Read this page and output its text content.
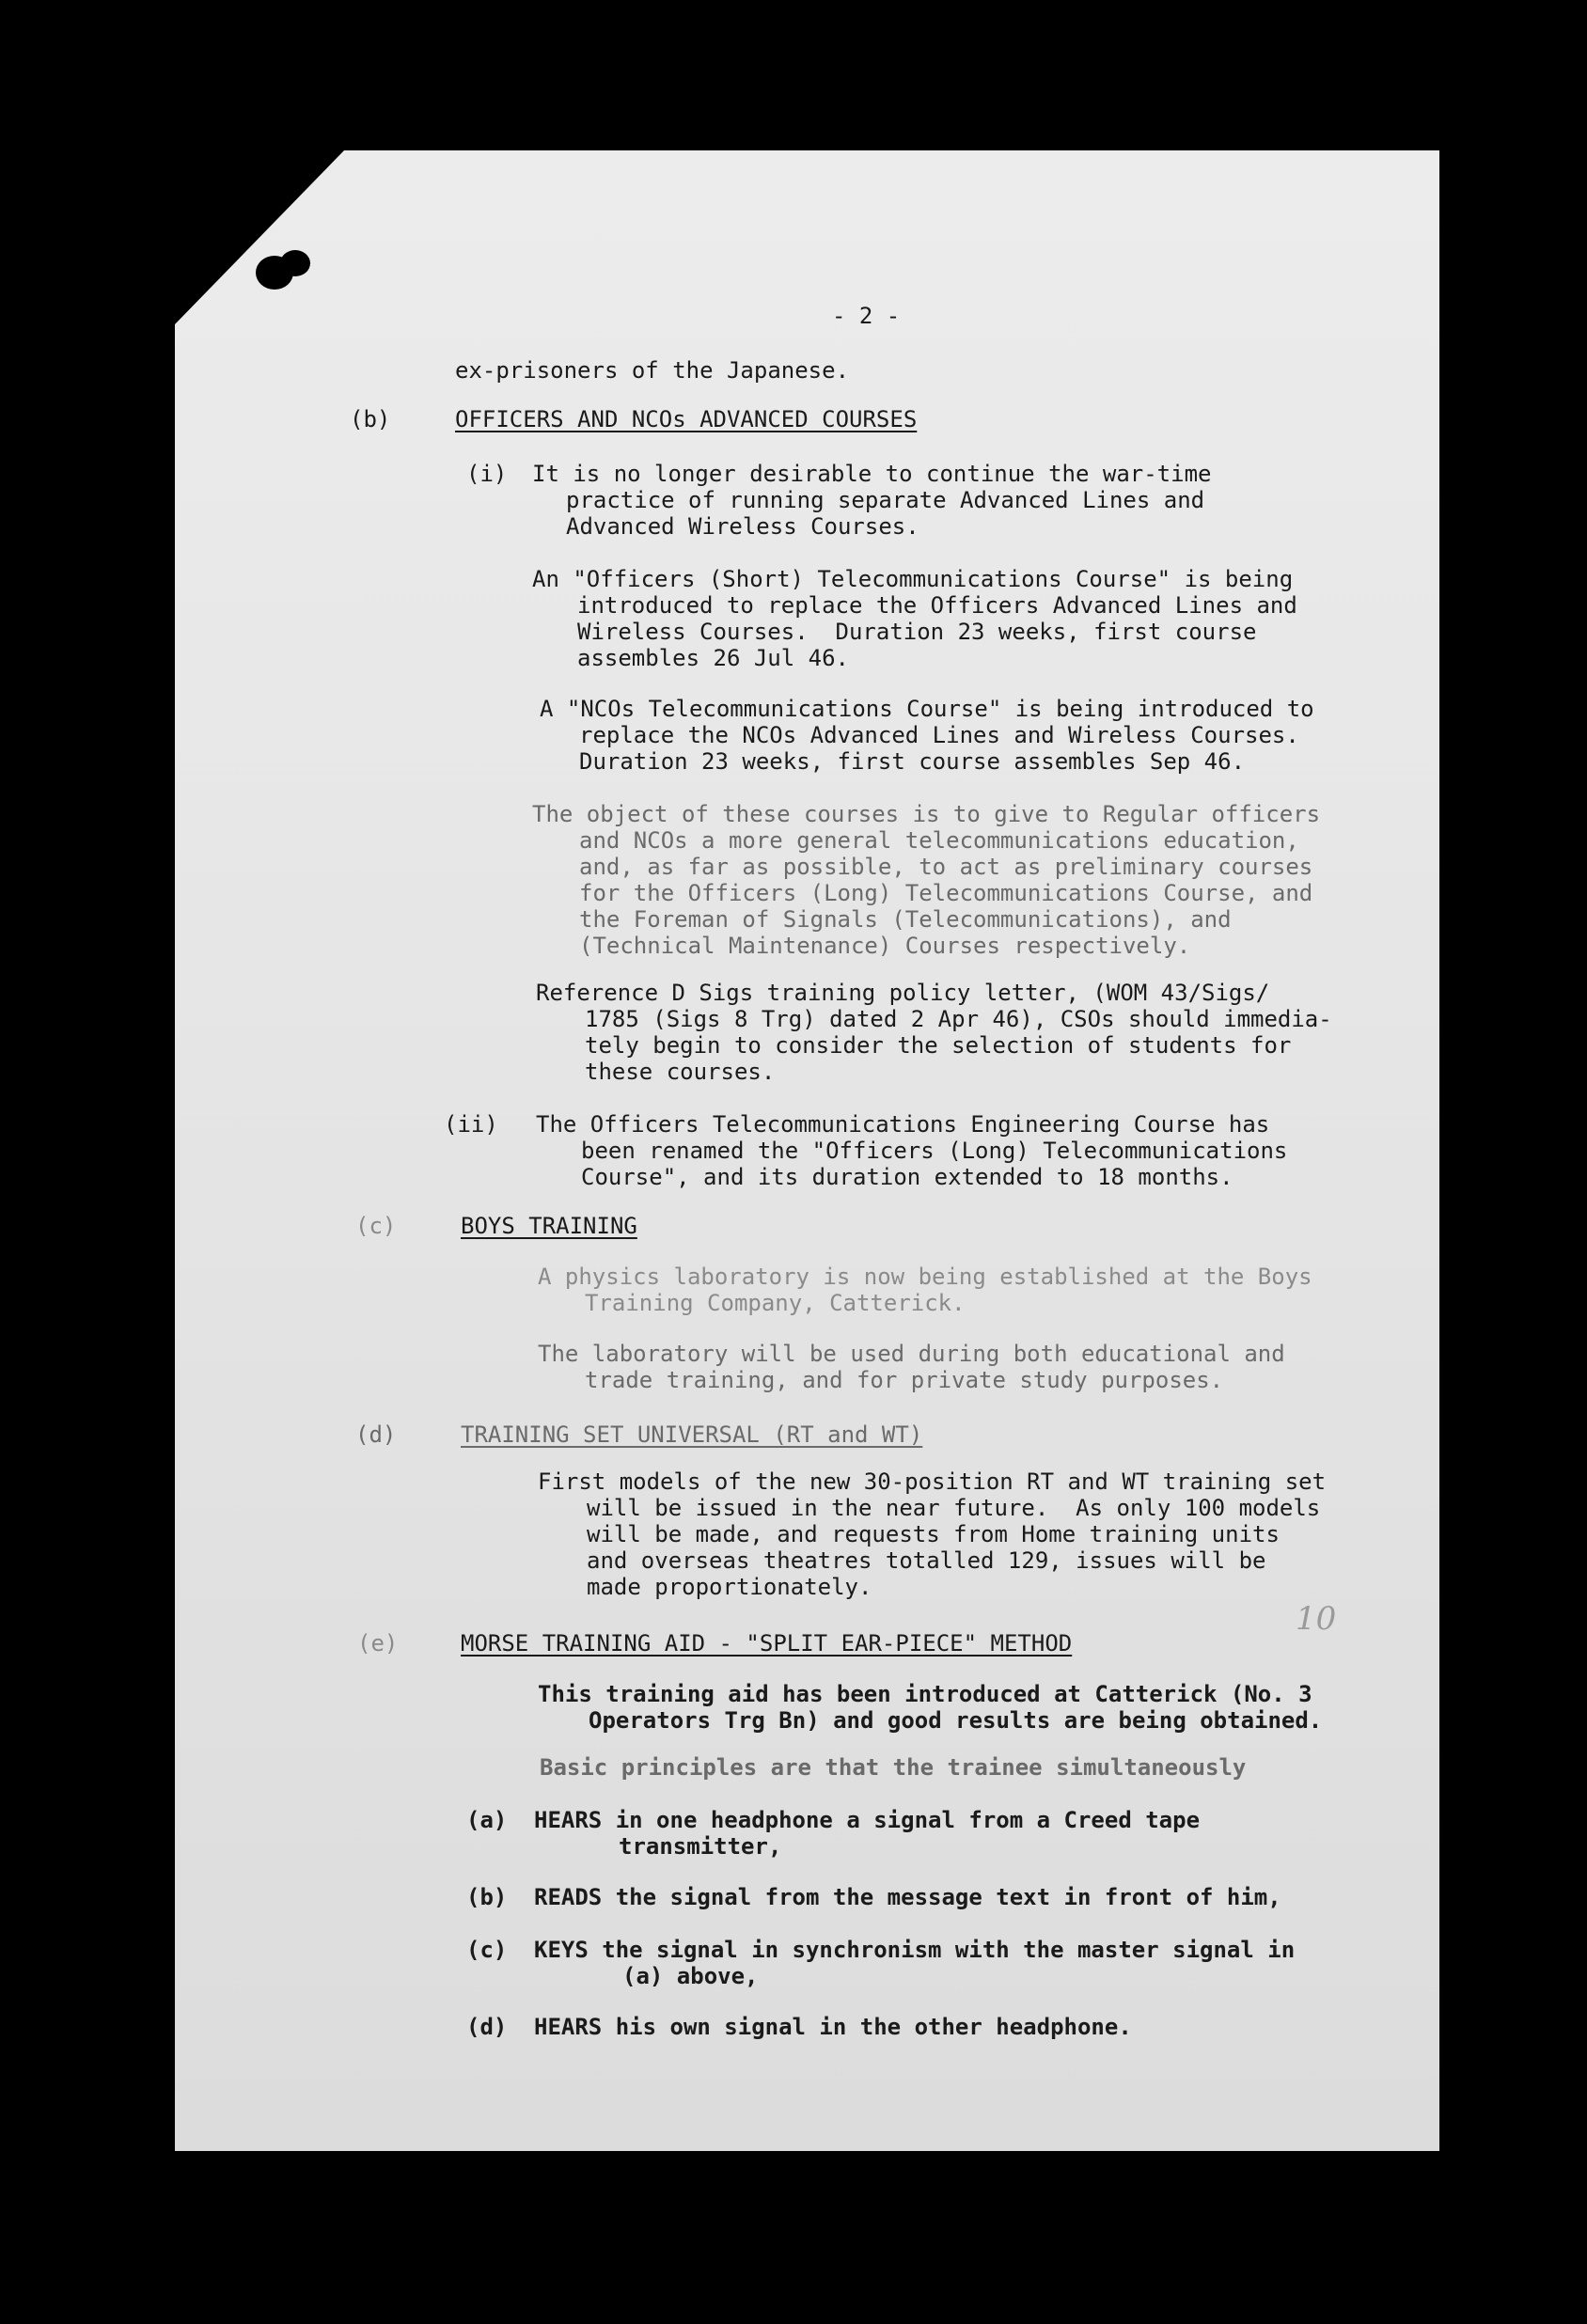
- 2 -
ex-prisoners of the Japanese.
(b)	OFFICERS AND NCOs ADVANCED COURSES
(i) It is no longer desirable to continue the war-time
practice of running separate Advanced Lines and
Advanced Wireless Courses.
An "Officers (Short) Telecommunications Course" is being
introduced to replace the Officers Advanced Lines and
Wireless Courses.  Duration 23 weeks, first course
assembles 26 Jul 46.
A "NCOs Telecommunications Course" is being introduced to
replace the NCOs Advanced Lines and Wireless Courses.
Duration 23 weeks, first course assembles Sep 46.
The object of these courses is to give to Regular officers
and NCOs a more general telecommunications education,
and, as far as possible, to act as preliminary courses
for the Officers (Long) Telecommunications Course, and
the Foreman of Signals (Telecommunications), and
(Technical Maintenance) Courses respectively.
Reference D Sigs training policy letter, (WOM 43/Sigs/
1785 (Sigs 8 Trg) dated 2 Apr 46), CSOs should immedia-
tely begin to consider the selection of students for
these courses.
(ii) The Officers Telecommunications Engineering Course has
been renamed the "Officers (Long) Telecommunications
Course", and its duration extended to 18 months.
(c)	BOYS TRAINING
A physics laboratory is now being established at the Boys
Training Company, Catterick.
The laboratory will be used during both educational and
trade training, and for private study purposes.
(d)	TRAINING SET UNIVERSAL (RT and WT)
First models of the new 30-position RT and WT training set
will be issued in the near future.  As only 100 models
will be made, and requests from Home training units
and overseas theatres totalled 129, issues will be
made proportionately.
(e)	MORSE TRAINING AID - "SPLIT EAR-PIECE" METHOD
10
This training aid has been introduced at Catterick (No. 3
Operators Trg Bn) and good results are being obtained.
Basic principles are that the trainee simultaneously
(a) HEARS in one headphone a signal from a Creed tape
transmitter,
(b) READS the signal from the message text in front of him,
(c) KEYS the signal in synchronism with the master signal in
(a) above,
(d) HEARS his own signal in the other headphone.
